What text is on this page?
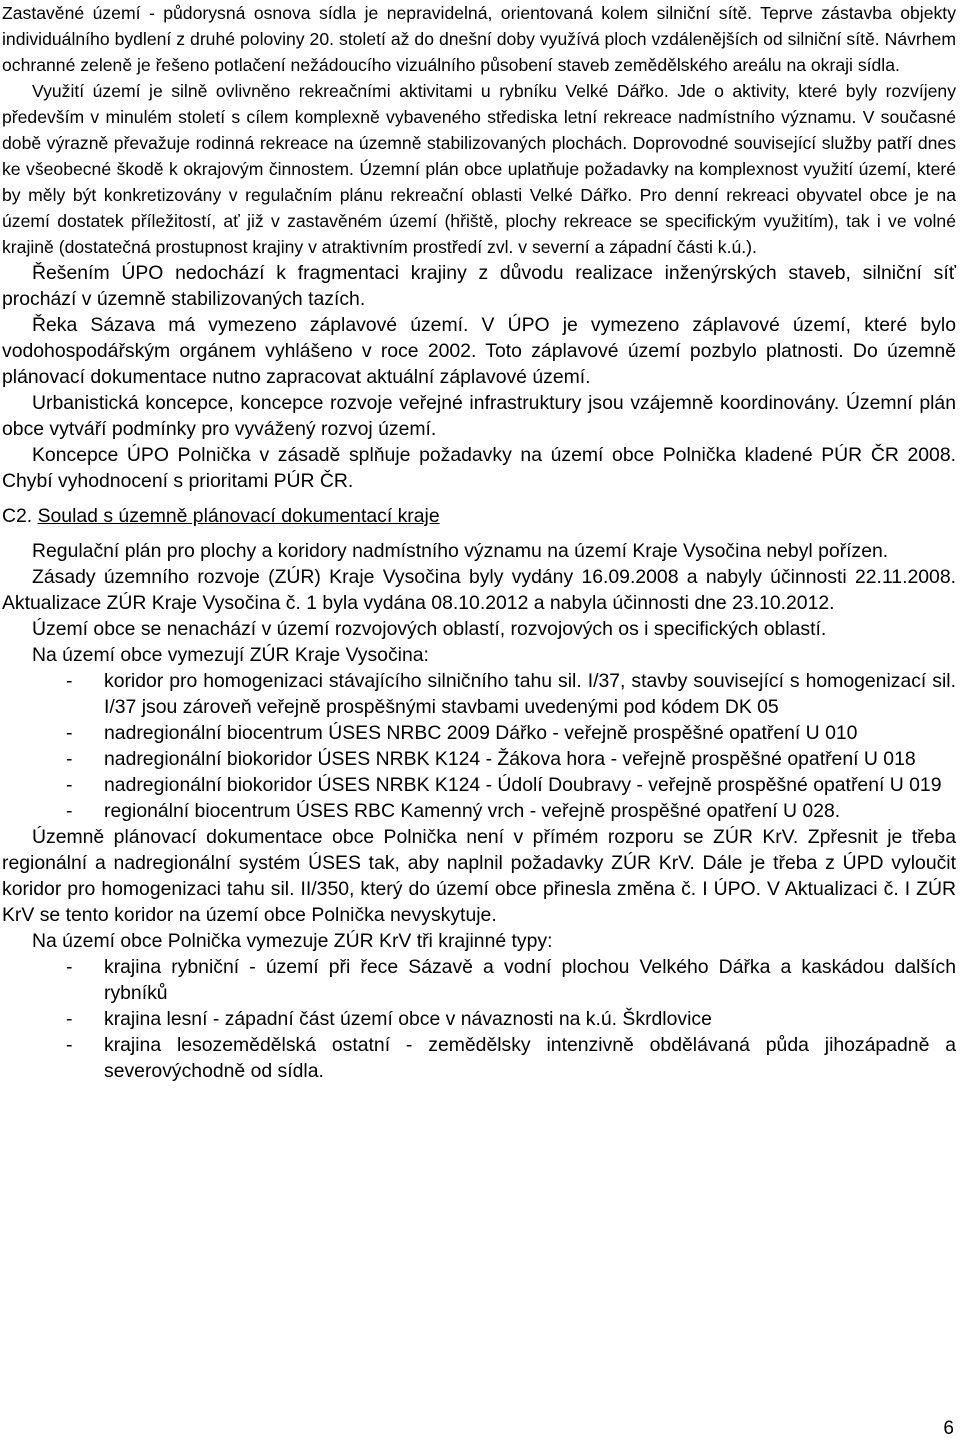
Zastavěné území - půdorysná osnova sídla je nepravidelná, orientovaná kolem silniční sítě. Teprve zástavba objekty individuálního bydlení z druhé poloviny 20. století až do dnešní doby využívá ploch vzdálenějších od silniční sítě. Návrhem ochranné zeleně je řešeno potlačení nežádoucího vizuálního působení staveb zemědělského areálu na okraji sídla.

Využití území je silně ovlivněno rekreačními aktivitami u rybníku Velké Dářko. Jde o aktivity, které byly rozvíjeny především v minulém století s cílem komplexně vybaveného střediska letní rekreace nadmístního významu. V současné době výrazně převažuje rodinná rekreace na územně stabilizovaných plochách. Doprovodné související služby patří dnes ke všeobecné škodě k okrajovým činnostem. Územní plán obce uplatňuje požadavky na komplexnost využití území, které by měly být konkretizovány v regulačním plánu rekreační oblasti Velké Dářko. Pro denní rekreaci obyvatel obce je na území dostatek příležitostí, ať již v zastavěném území (hřiště, plochy rekreace se specifickým využitím), tak i ve volné krajině (dostatečná prostupnost krajiny v atraktivním prostředí zvl. v severní a západní části k.ú.).

Řešením ÚPO nedochází k fragmentaci krajiny z důvodu realizace inženýrských staveb, silniční síť prochází v územně stabilizovaných tazích.

Řeka Sázava má vymezeno záplavové území. V ÚPO je vymezeno záplavové území, které bylo vodohospodářským orgánem vyhlášeno v roce 2002. Toto záplavové území pozbylo platnosti. Do územně plánovací dokumentace nutno zapracovat aktuální záplavové území.

Urbanistická koncepce, koncepce rozvoje veřejné infrastruktury jsou vzájemně koordinovány. Územní plán obce vytváří podmínky pro vyvážený rozvoj území.

Koncepce ÚPO Polnička v zásadě splňuje požadavky na území obce Polnička kladené PÚR ČR 2008. Chybí vyhodnocení s prioritami PÚR ČR.

C2. Soulad s územně plánovací dokumentací kraje

Regulační plán pro plochy a koridory nadmístního významu na území Kraje Vysočina nebyl pořízen.

Zásady územního rozvoje (ZÚR) Kraje Vysočina byly vydány 16.09.2008 a nabyly účinnosti 22.11.2008. Aktualizace ZÚR Kraje Vysočina č. 1 byla vydána 08.10.2012 a nabyla účinnosti dne 23.10.2012.

Území obce se nenachází v území rozvojových oblastí, rozvojových os i specifických oblastí.

Na území obce vymezují ZÚR Kraje Vysočina:

- koridor pro homogenizaci stávajícího silničního tahu sil. I/37, stavby související s homogenizací sil. I/37 jsou zároveň veřejně prospěšnými stavbami uvedenými pod kódem DK 05
- nadregionální biocentrum ÚSES NRBC 2009 Dářko - veřejně prospěšné opatření U 010
- nadregionální biokoridor ÚSES NRBK K124 - Žákova hora - veřejně prospěšné opatření U 018
- nadregionální biokoridor ÚSES NRBK K124 - Údolí Doubravy - veřejně prospěšné opatření U 019
- regionální biocentrum ÚSES RBC Kamenný vrch - veřejně prospěšné opatření U 028.

Územně plánovací dokumentace obce Polnička není v přímém rozporu se ZÚR KrV. Zpřesnit je třeba regionální a nadregionální systém ÚSES tak, aby naplnil požadavky ZÚR KrV. Dále je třeba z ÚPD vyloučit koridor pro homogenizaci tahu sil. II/350, který do území obce přinesla změna č. I ÚPO. V Aktualizaci č. I ZÚR KrV se tento koridor na území obce Polnička nevyskytuje.

Na území obce Polnička vymezuje ZÚR KrV tři krajinné typy:

- krajina rybniční - území při řece Sázavě a vodní plochou Velkého Dářka a kaskádou dalších rybníků
- krajina lesní - západní část území obce v návaznosti na k.ú. Škrdlovice
- krajina lesozemědělská ostatní - zemědělsky intenzivně obdělávaná půda jihozápadně a severovýchodně od sídla.
6
